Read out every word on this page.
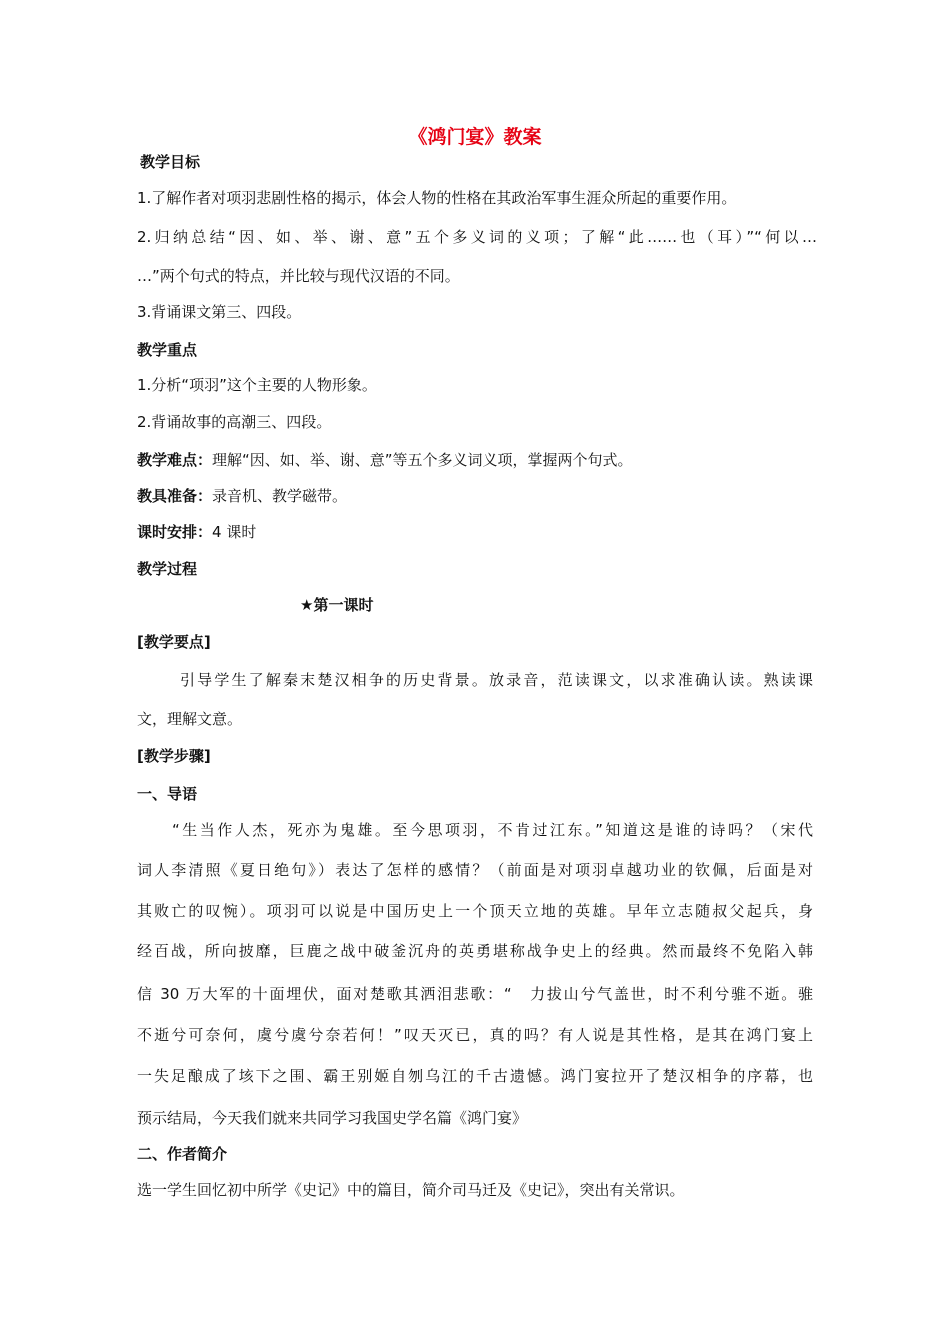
《鸿门宴》教案
教学目标
1.了解作者对项羽悲剧性格的揭示，体会人物的性格在其政治军事生涯众所起的重要作用。
2.归纳总结“因、如、举、谢、意”五个多义词的义项；了解“此……也（耳）”“何以…
…”两个句式的特点，并比较与现代汉语的不同。
3.背诵课文第三、四段。
教学重点
1.分析“项羽”这个主要的人物形象。
2.背诵故事的高潮三、四段。
教学难点：理解“因、如、举、谢、意”等五个多义词义项，掌握两个句式。
教具准备：录音机、教学磁带。
课时安排：4 课时
教学过程
★第一课时
[教学要点]
引导学生了解秦末楚汉相争的历史背景。放录音，范读课文，以求准确认读。熟读课
文，理解文意。
[教学步骤]
一、导语
“生当作人杰，死亦为鬼雄。至今思项羽，不肯过江东。”知道这是谁的诗吗？（宋代
词人李清照《夏日绝句》）表达了怎样的感情？（前面是对项羽卓越功业的钦佩，后面是对
其败亡的叹惋）。项羽可以说是中国历史上一个顶天立地的英雄。早年立志随叔父起兵，身
经百战，所向披靡，巨鹿之战中破釜沉舟的英勇堪称战争史上的经典。然而最终不免陷入韩
信 30 万大军的十面埋伏，面对楚歌其洒泪悲歌：“　力拔山兮气盖世，时不利兮骓不逝。骓
不逝兮可奈何，虞兮虞兮奈若何！”叹天灭已，真的吗？有人说是其性格，是其在鸿门宴上
一失足酿成了垓下之围、霸王别姬自刎乌江的千古遗憾。鸿门宴拉开了楚汉相争的序幕，也
预示结局，今天我们就来共同学习我国史学名篇《鸿门宴》
二、作者简介
选一学生回忆初中所学《史记》中的篇目，简介司马迁及《史记》，突出有关常识。
